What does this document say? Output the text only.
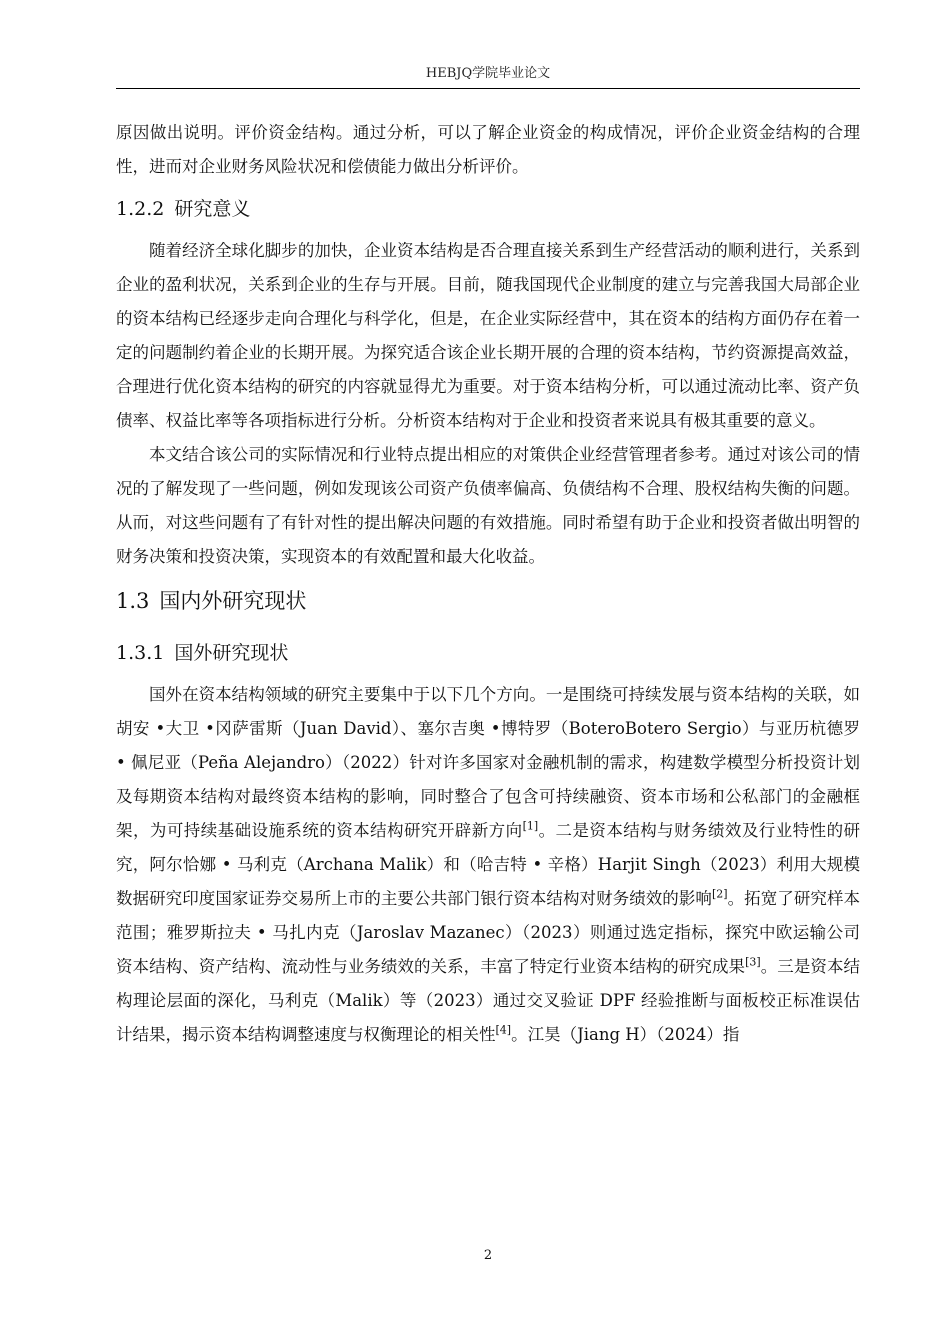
HEBJQ学院毕业论文

原因做出说明。评价资金结构。通过分析，可以了解企业资金的构成情况，评价企业资金结构的合理性，进而对企业财务风险状况和偿债能力做出分析评价。

1.2.2 研究意义

随着经济全球化脚步的加快，企业资本结构是否合理直接关系到生产经营活动的顺利进行，关系到企业的盈利状况，关系到企业的生存与开展。目前，随我国现代企业制度的建立与完善我国大局部企业的资本结构已经逐步走向合理化与科学化，但是，在企业实际经营中，其在资本的结构方面仍存在着一定的问题制约着企业的长期开展。为探究适合该企业长期开展的合理的资本结构，节约资源提高效益，合理进行优化资本结构的研究的内容就显得尤为重要。对于资本结构分析，可以通过流动比率、资产负债率、权益比率等各项指标进行分析。分析资本结构对于企业和投资者来说具有极其重要的意义。

本文结合该公司的实际情况和行业特点提出相应的对策供企业经营管理者参考。通过对该公司的情况的了解发现了一些问题，例如发现该公司资产负债率偏高、负债结构不合理、股权结构失衡的问题。从而，对这些问题有了有针对性的提出解决问题的有效措施。同时希望有助于企业和投资者做出明智的财务决策和投资决策，实现资本的有效配置和最大化收益。

1.3 国内外研究现状
1.3.1 国外研究现状

国外在资本结构领域的研究主要集中于以下几个方向。一是围绕可持续发展与资本结构的关联，如胡安 •大卫 •冈萨雷斯（Juan David）、塞尔吉奥 •博特罗（BoteroBotero Sergio）与亚历杭德罗 • 佩尼亚（Peña Alejandro）（2022）针对许多国家对金融机制的需求，构建数学模型分析投资计划及每期资本结构对最终资本结构的影响，同时整合了包含可持续融资、资本市场和公私部门的金融框架，为可持续基础设施系统的资本结构研究开辟新方向[1]。二是资本结构与财务绩效及行业特性的研究，阿尔恰娜 • 马利克（Archana Malik）和（哈吉特 • 辛格）Harjit Singh（2023）利用大规模数据研究印度国家证券交易所上市的主要公共部门银行资本结构对财务绩效的影响[2]。拓宽了研究样本范围；雅罗斯拉夫 • 马扎内克（Jaroslav Mazanec）（2023）则通过选定指标，探究中欧运输公司资本结构、资产结构、流动性与业务绩效的关系，丰富了特定行业资本结构的研究成果[3]。三是资本结构理论层面的深化，马利克（Malik）等（2023）通过交叉验证 DPF 经验推断与面板校正标准误估计结果，揭示资本结构调整速度与权衡理论的相关性[4]。江昊（Jiang H）（2024）指

2
